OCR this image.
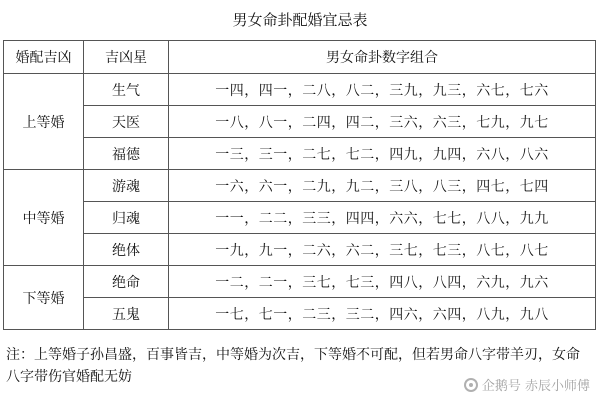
男女命卦配婚宜忌表
婚配吉凶	吉凶星	男女命卦数字组合
上等婚	生气	一四，四一，二八，八二，三九，九三，六七，七六
	天医	一八，八一，二四，四二，三六，六三，七九，九七
	福德	一三，三一，二七，七二，四九，九四，六八，八六
中等婚	游魂	一六，六一，二九，九二，三八，八三，四七，七四
	归魂	一一，二二，三三，四四，六六，七七，八八，九九
	绝体	一九，九一，二六，六二，三七，七三，八七，八七
下等婚	绝命	一二，二一，三七，七三，四八，八四，六九，九六
	五鬼	一七，七一，二三，三二，四六，六四，八九，九八
注：上等婚子孙昌盛，百事皆吉，中等婚为次吉，下等婚不可配，但若男命八字带羊刃，女命八字带伤官婚配无妨
企鹅号 赤辰小师傅
